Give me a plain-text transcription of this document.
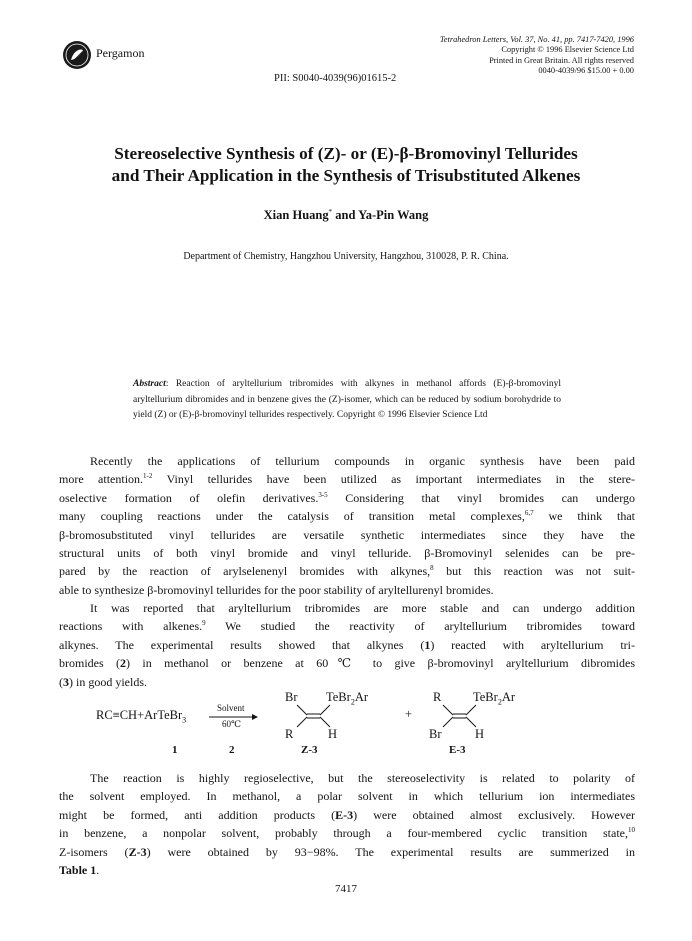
Pergamon
Tetrahedron Letters, Vol. 37, No. 41, pp. 7417-7420, 1996
Copyright © 1996 Elsevier Science Ltd
Printed in Great Britain. All rights reserved
0040-4039/96 $15.00 + 0.00
PII: S0040-4039(96)01615-2
Stereoselective Synthesis of (Z)- or (E)-β-Bromovinyl Tellurides
and Their Application in the Synthesis of Trisubstituted Alkenes
Xian Huang* and Ya-Pin Wang
Department of Chemistry, Hangzhou University, Hangzhou, 310028, P. R. China.
Abstract: Reaction of aryltellurium tribromides with alkynes in methanol affords (E)-β-bromovinyl aryltellurium dibromides and in benzene gives the (Z)-isomer, which can be reduced by sodium borohydride to yield (Z) or (E)-β-bromovinyl tellurides respectively. Copyright © 1996 Elsevier Science Ltd
Recently the applications of tellurium compounds in organic synthesis have been paid
more attention.$^{1-2}$ Vinyl tellurides have been utilized as important intermediates in the stere-
oselective formation of olefin derivatives.$^{3-5}$ Considering that vinyl bromides can undergo
many coupling reactions under the catalysis of transition metal complexes,$^{6,7}$ we think that
β-bromosubstituted vinyl tellurides are versatile synthetic intermediates since they have the
structural units of both vinyl bromide and vinyl telluride. β-Bromovinyl selenides can be pre-
pared by the reaction of arylselenenyl bromides with alkynes,$^8$ but this reaction was not suit-
able to synthesize β-bromovinyl tellurides for the poor stability of aryltellurenyl bromides.
It was reported that aryltellurium tribromides are more stable and can undergo addition
reactions with alkenes.$^9$ We studied the reactivity of aryltellurium tribromides toward
alkynes. The experimental results showed that alkynes (1) reacted with aryltellurium tri-
bromides (2) in methanol or benzene at 60℃ to give β-bromovinyl aryltellurium dibromides
(3) in good yields.
RC≡CH+ArTeBr$_3$
Solvent
60℃
Br TeBr$_2$Ar
R	H
+
R	TeBr$_2$Ar
Br	H
1	2	Z-3	E-3
The reaction is highly regioselective, but the stereoselectivity is related to polarity of
the solvent employed. In methanol, a polar solvent in which tellurium ion intermediates
might be formed, anti addition products (E-3) were obtained almost exclusively. However
in benzene, a nonpolar solvent, probably through a four-membered cyclic transition state,$^{10}$
Z-isomers (Z-3) were obtained by 93−98%. The experimental results are summerized in
Table 1.
7417
